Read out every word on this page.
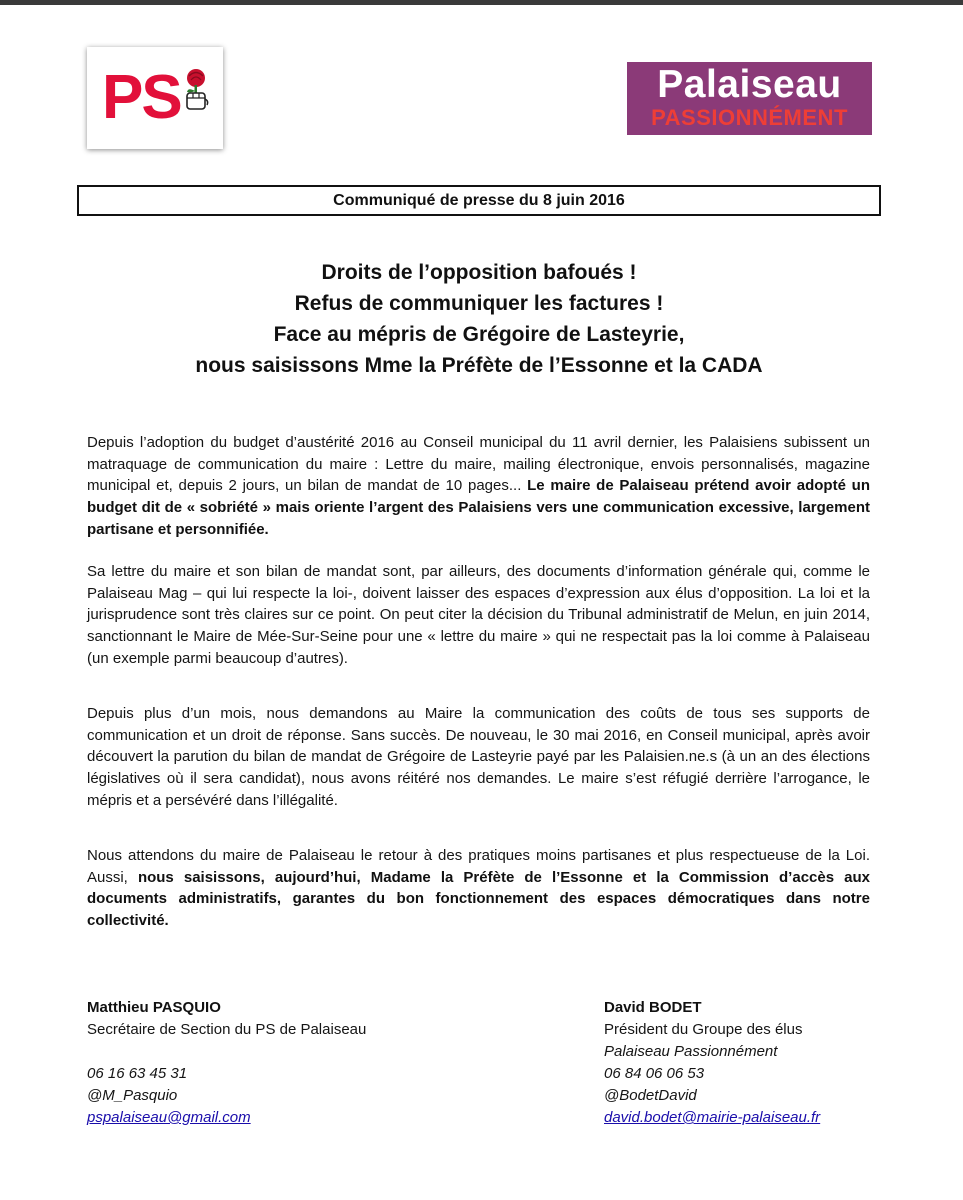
PS	Palaiseau
PASSIONNÉMENT
Communiqué de presse du 8 juin 2016
Droits de l’opposition bafoués !
Refus de communiquer les factures !
Face au mépris de Grégoire de Lasteyrie,
nous saisissons Mme la Préfète de l’Essonne et la CADA

Depuis l’adoption du budget d’austérité 2016 au Conseil municipal du 11 avril dernier, les Palaisiens subissent un matraquage de communication du maire : Lettre du maire, mailing électronique, envois personnalisés, magazine municipal et, depuis 2 jours, un bilan de mandat de 10 pages... Le maire de Palaiseau prétend avoir adopté un budget dit de « sobriété » mais oriente l’argent des Palaisiens vers une communication excessive, largement partisane et personnifiée.

Sa lettre du maire et son bilan de mandat sont, par ailleurs, des documents d’information générale qui, comme le Palaiseau Mag – qui lui respecte la loi-, doivent laisser des espaces d’expression aux élus d’opposition. La loi et la jurisprudence sont très claires sur ce point. On peut citer la décision du Tribunal administratif de Melun, en juin 2014, sanctionnant le Maire de Mée-Sur-Seine pour une « lettre du maire » qui ne respectait pas la loi comme à Palaiseau (un exemple parmi beaucoup d’autres).

Depuis plus d’un mois, nous demandons au Maire la communication des coûts de tous ses supports de communication et un droit de réponse. Sans succès. De nouveau, le 30 mai 2016, en Conseil municipal, après avoir découvert la parution du bilan de mandat de Grégoire de Lasteyrie payé par les Palaisien.ne.s (à un an des élections législatives où il sera candidat), nous avons réitéré nos demandes. Le maire s’est réfugié derrière l’arrogance, le mépris et a persévéré dans l’illégalité.

Nous attendons du maire de Palaiseau le retour à des pratiques moins partisanes et plus respectueuse de la Loi. Aussi, nous saisissons, aujourd’hui, Madame la Préfète de l’Essonne et la Commission d’accès aux documents administratifs, garantes du bon fonctionnement des espaces démocratiques dans notre collectivité.

Matthieu PASQUIO
Secrétaire de Section du PS de Palaiseau
06 16 63 45 31
@M_Pasquio
pspalaiseau@gmail.com
David BODET
Président du Groupe des élus
Palaiseau Passionnément
06 84 06 06 53
@BodetDavid
david.bodet@mairie-palaiseau.fr
